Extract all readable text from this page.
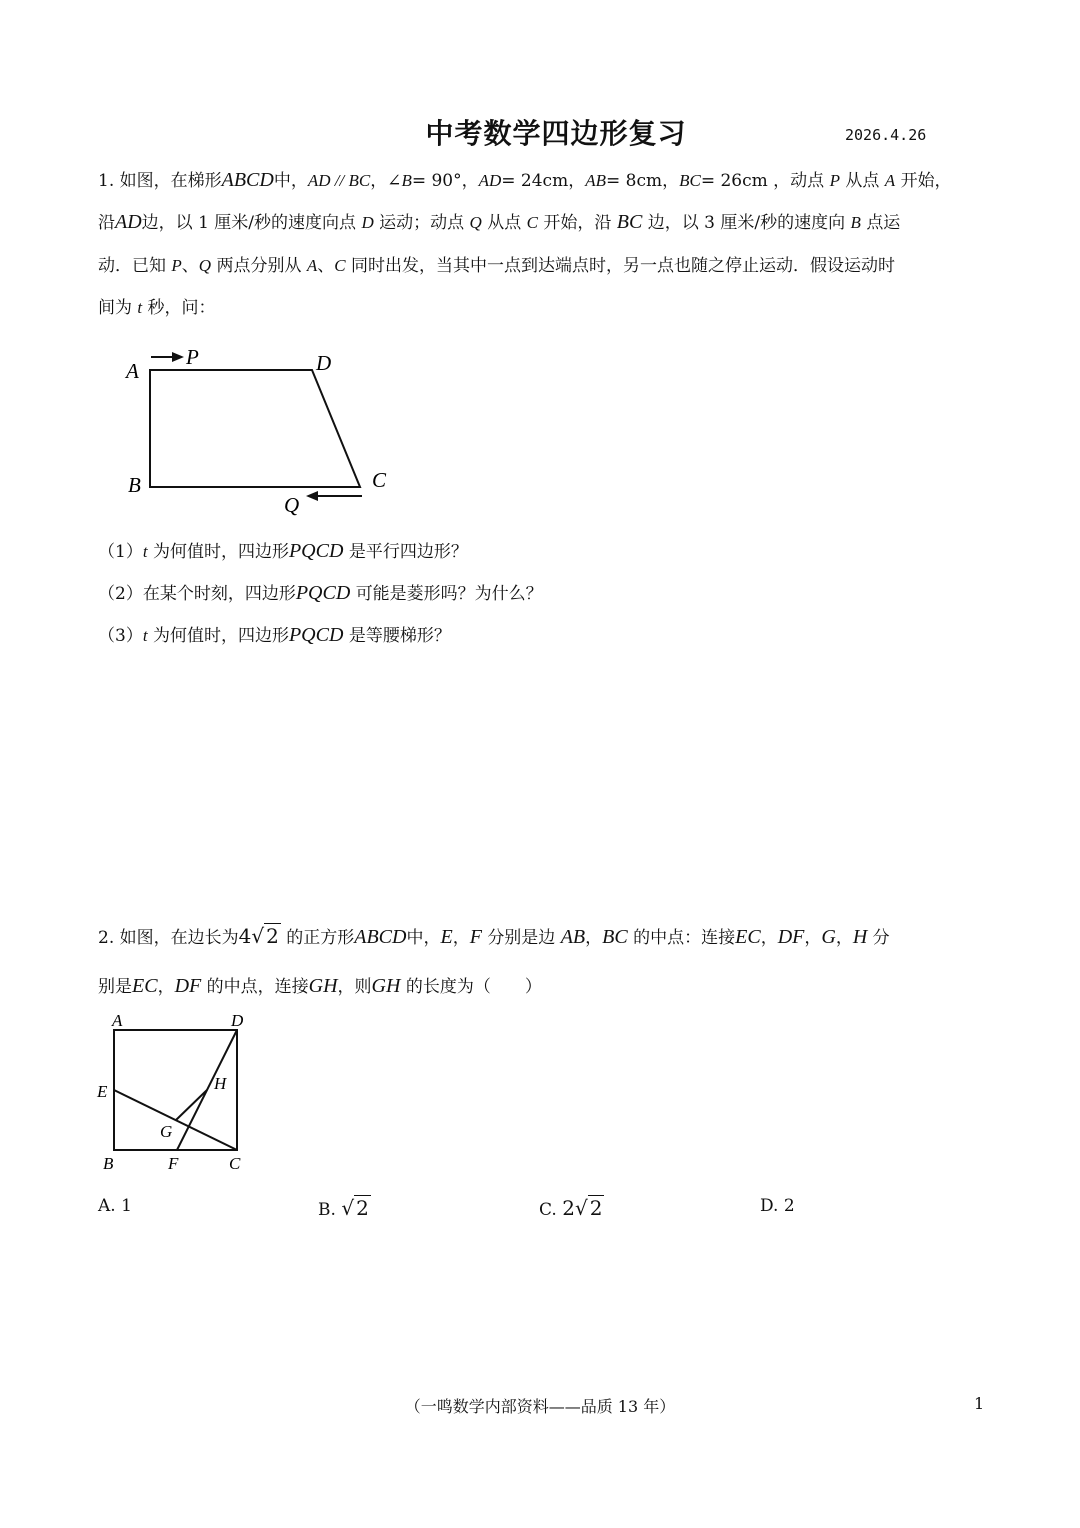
中考数学四边形复习	2026.4.26
1. 如图，在梯形ABCD中，AD // BC，∠B= 90°，AD= 24cm，AB= 8cm，BC= 26cm ，动点 P 从点 A 开始，
沿AD边，以 1 厘米/秒的速度向点 D 运动；动点 Q 从点 C 开始，沿 BC 边，以 3 厘米/秒的速度向 B 点运
动．已知 P、Q 两点分别从 A、C 同时出发，当其中一点到达端点时，另一点也随之停止运动．假设运动时
间为 t 秒，问：
A
P	D
B	C
Q
（1）t 为何值时，四边形PQCD 是平行四边形？
（2）在某个时刻，四边形PQCD 可能是菱形吗？为什么？
（3）t 为何值时，四边形PQCD 是等腰梯形？
2. 如图，在边长为4√ 2 的正方形ABCD中，E，F 分别是边 AB，BC 的中点：连接EC，DF，G，H 分
别是EC，DF 的中点，连接GH，则GH 的长度为（　　）
A	D
E	H
G
B	F	C
A. 1	B. √ 2	C. 2√ 2	D. 2
（一鸣数学内部资料——品质 13 年）	1
